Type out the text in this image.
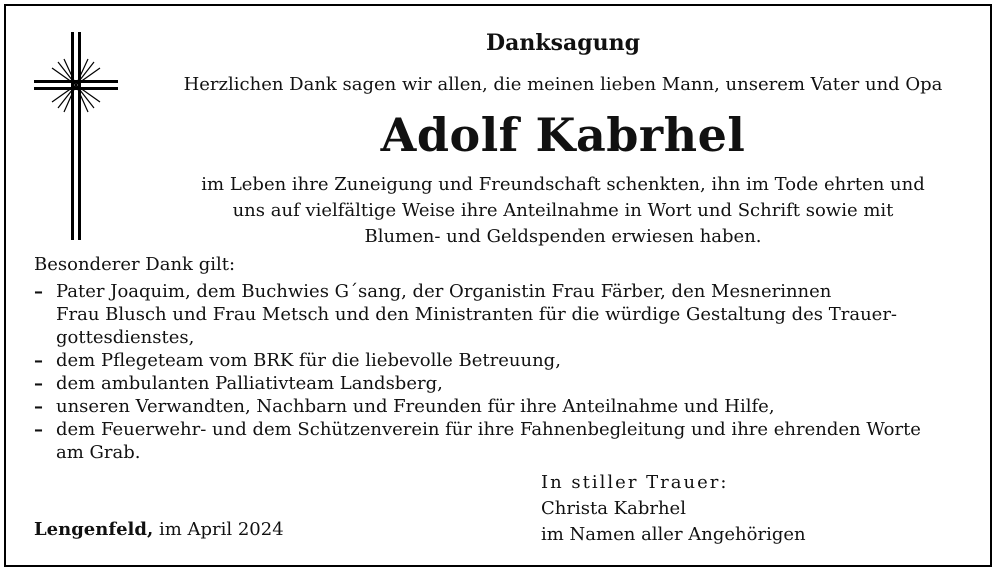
Danksagung
Herzlichen Dank sagen wir allen, die meinen lieben Mann, unserem Vater und Opa
Adolf Kabrhel
im Leben ihre Zuneigung und Freundschaft schenkten, ihn im Tode ehrten und
uns auf vielfältige Weise ihre Anteilnahme in Wort und Schrift sowie mit
Blumen- und Geldspenden erwiesen haben.
Besonderer Dank gilt:
– Pater Joaquim, dem Buchwies G´sang, der Organistin Frau Färber, den Mesnerinnen
Frau Blusch und Frau Metsch und den Ministranten für die würdige Gestaltung des Trauer-
gottesdienstes,
– dem Pflegeteam vom BRK für die liebevolle Betreuung,
– dem ambulanten Palliativteam Landsberg,
– unseren Verwandten, Nachbarn und Freunden für ihre Anteilnahme und Hilfe,
– dem Feuerwehr- und dem Schützenverein für ihre Fahnenbegleitung und ihre ehrenden Worte
am Grab.
In stiller Trauer:
Christa Kabrhel
im Namen aller Angehörigen
Lengenfeld, im April 2024
